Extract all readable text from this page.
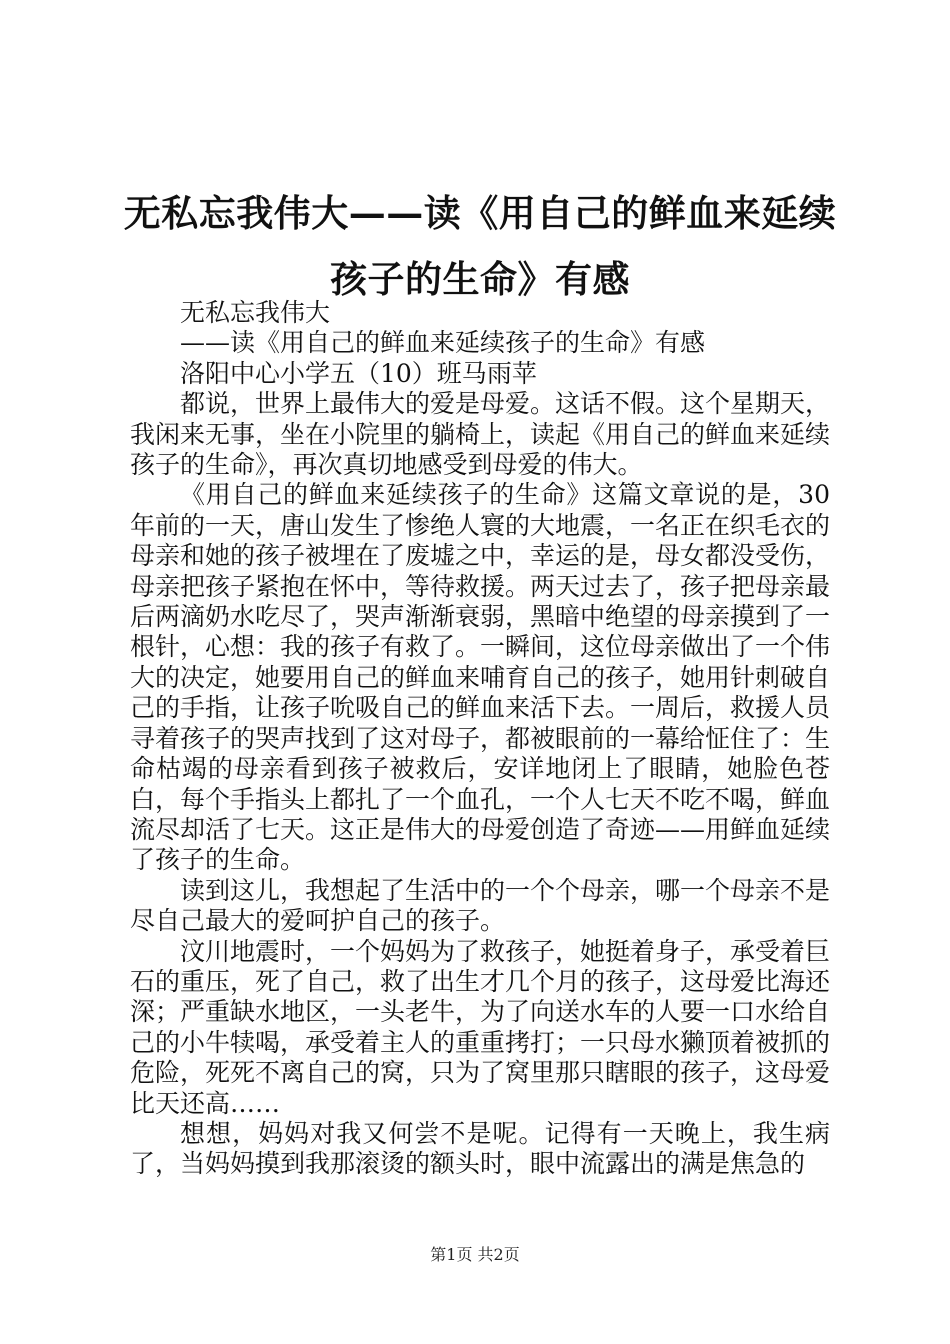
无私忘我伟大——读《用自己的鲜血来延续孩子的生命》有感

无私忘我伟大

——读《用自己的鲜血来延续孩子的生命》有感

洛阳中心小学五（10）班马雨苹

都说，世界上最伟大的爱是母爱。这话不假。这个星期天，我闲来无事，坐在小院里的躺椅上，读起《用自己的鲜血来延续孩子的生命》，再次真切地感受到母爱的伟大。

《用自己的鲜血来延续孩子的生命》这篇文章说的是，30年前的一天，唐山发生了惨绝人寰的大地震，一名正在织毛衣的母亲和她的孩子被埋在了废墟之中，幸运的是，母女都没受伤，母亲把孩子紧抱在怀中，等待救援。两天过去了，孩子把母亲最后两滴奶水吃尽了，哭声渐渐衰弱，黑暗中绝望的母亲摸到了一根针，心想：我的孩子有救了。一瞬间，这位母亲做出了一个伟大的决定，她要用自己的鲜血来哺育自己的孩子，她用针刺破自己的手指，让孩子吮吸自己的鲜血来活下去。一周后，救援人员寻着孩子的哭声找到了这对母子，都被眼前的一幕给怔住了：生命枯竭的母亲看到孩子被救后，安详地闭上了眼睛，她脸色苍白，每个手指头上都扎了一个血孔，一个人七天不吃不喝，鲜血流尽却活了七天。这正是伟大的母爱创造了奇迹——用鲜血延续了孩子的生命。

读到这儿，我想起了生活中的一个个母亲，哪一个母亲不是尽自己最大的爱呵护自己的孩子。

汶川地震时，一个妈妈为了救孩子，她挺着身子，承受着巨石的重压，死了自己，救了出生才几个月的孩子，这母爱比海还深；严重缺水地区，一头老牛，为了向送水车的人要一口水给自己的小牛犊喝，承受着主人的重重拷打；一只母水獭顶着被抓的危险，死死不离自己的窝，只为了窝里那只瞎眼的孩子，这母爱比天还高……

想想，妈妈对我又何尝不是呢。记得有一天晚上，我生病了，当妈妈摸到我那滚烫的额头时，眼中流露出的满是焦急的

第1页 共2页
